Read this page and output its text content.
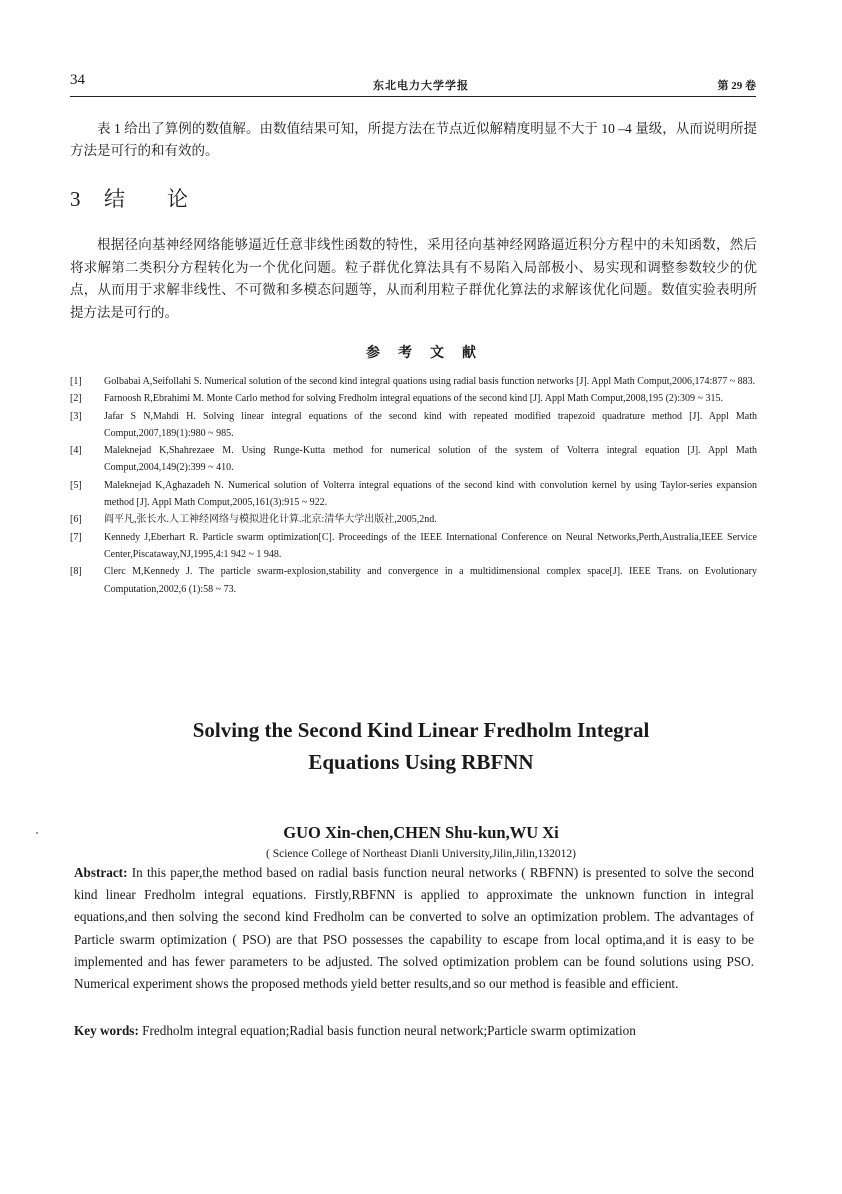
34	东北电力大学学报	第 29 卷
表 1 给出了算例的数值解。由数值结果可知，所提方法在节点近似解精度明显不大于 10 ‒4 量级，从而说明所提方法是可行的和有效的。
3 结 论
根据径向基神经网络能够逼近任意非线性函数的特性，采用径向基神经网路逼近积分方程中的未知函数，然后将求解第二类积分方程转化为一个优化问题。粒子群优化算法具有不易陷入局部极小、易实现和调整参数较少的优点，从而用于求解非线性、不可微和多模态问题等，从而利用粒子群优化算法的求解该优化问题。数值实验表明所提方法是可行的。
参考文献
[1] Golbabai A,Seifollahi S. Numerical solution of the second kind integral quations using radial basis function networks [J]. Appl Math Comput,2006,174:877 ~ 883.
[2] Farnoosh R,Ebrahimi M. Monte Carlo method for solving Fredholm integral equations of the second kind [J]. Appl Math Comput,2008,195 (2):309 ~ 315.
[3] Jafar S N,Mahdi H. Solving linear integral equations of the second kind with repeated modified trapezoid quadrature method [J]. Appl Math Comput,2007,189(1):980 ~ 985.
[4] Maleknejad K,Shahrezaee M. Using Runge-Kutta method for numerical solution of the system of Volterra integral equation [J]. Appl Math Comput,2004,149(2):399 ~ 410.
[5] Maleknejad K,Aghazadeh N. Numerical solution of Volterra integral equations of the second kind with convolution kernel by using Taylor-series expansion method [J]. Appl Math Comput,2005,161(3):915 ~ 922.
[6] 阎平凡,张长水.人工神经网络与模拟进化计算.北京:清华大学出版社,2005,2nd.
[7] Kennedy J,Eberhart R. Particle swarm optimization[C]. Proceedings of the IEEE International Conference on Neural Networks,Perth,Australia,IEEE Service Center,Piscataway,NJ,1995,4:1 942 ~ 1 948.
[8] Clerc M,Kennedy J. The particle swarm-explosion,stability and convergence in a multidimensional complex space[J]. IEEE Trans. on Evolutionary Computation,2002,6 (1):58 ~ 73.
Solving the Second Kind Linear Fredholm Integral
Equations Using RBFNN
GUO Xin-chen,CHEN Shu-kun,WU Xi
( Science College of Northeast Dianli University,Jilin,Jilin,132012)
Abstract: In this paper,the method based on radial basis function neural networks ( RBFNN) is presented to solve the second kind linear Fredholm integral equations. Firstly,RBFNN is applied to approximate the unknown function in integral equations,and then solving the second kind Fredholm can be converted to solve an optimization problem. The advantages of Particle swarm optimization ( PSO) are that PSO possesses the capability to escape from local optima,and it is easy to be implemented and has fewer parameters to be adjusted. The solved optimization problem can be found solutions using PSO. Numerical experiment shows the proposed methods yield better results,and so our method is feasible and efficient.
Key words: Fredholm integral equation;Radial basis function neural network;Particle swarm optimization
